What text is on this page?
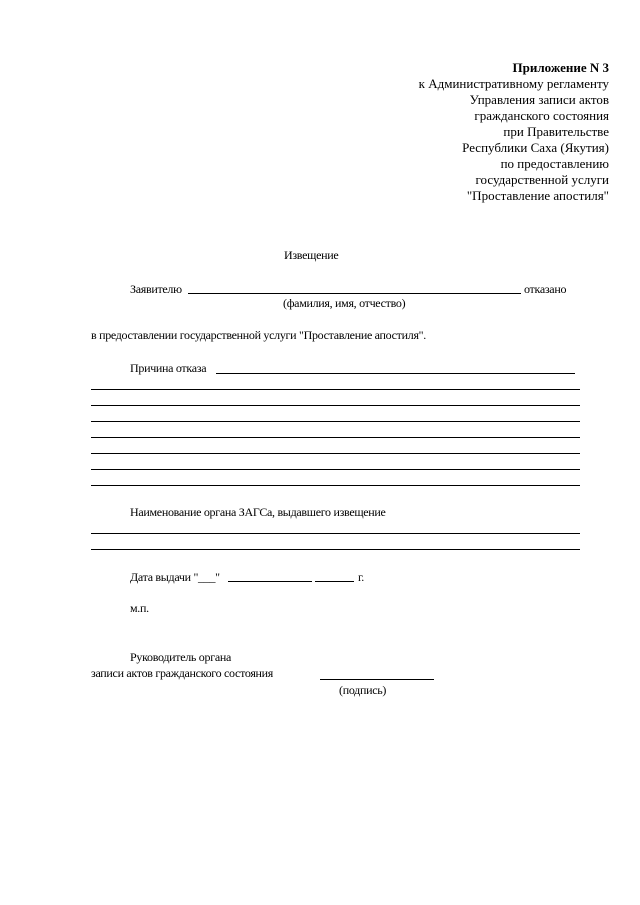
Приложение N 3
к Административному регламенту
Управления записи актов
гражданского состояния
при Правительстве
Республики Саха (Якутия)
по предоставлению
государственной услуги
"Проставление апостиля"
Извещение
Заявителю	отказано
(фамилия, имя, отчество)
в предоставлении государственной услуги "Проставление апостиля".
Причина отказа
Наименование органа ЗАГСа, выдавшего извещение
Дата выдачи "___"	г.
м.п.
Руководитель органа
записи актов гражданского состояния
(подпись)
